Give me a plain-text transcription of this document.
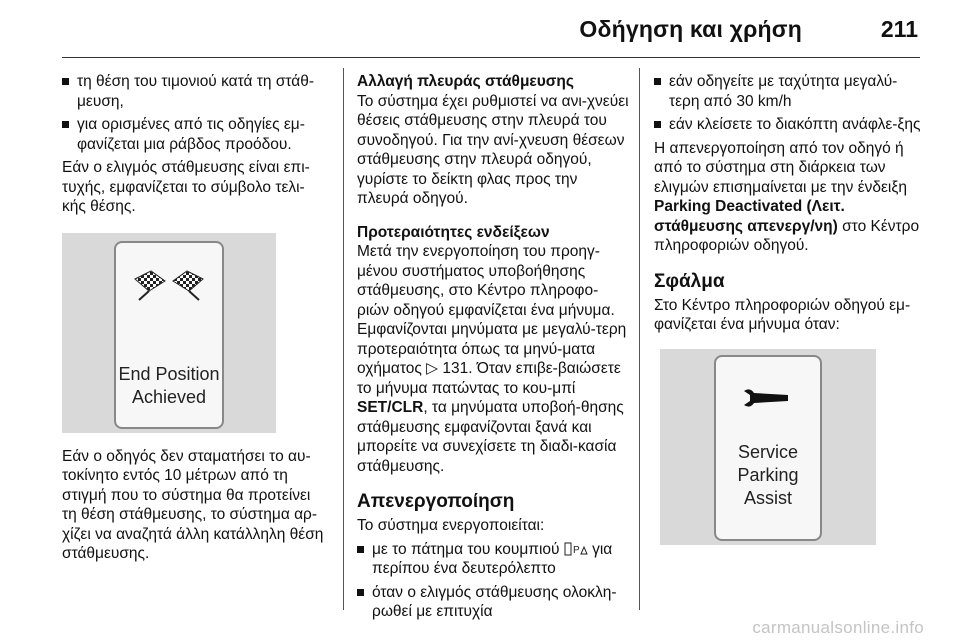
Οδήγηση και χρήση	211
τη θέση του τιμονιού κατά τη στάθ-μευση,
για ορισμένες από τις οδηγίες εμ-φανίζεται μια ράβδος προόδου.

Εάν ο ελιγμός στάθμευσης είναι επι-τυχής, εμφανίζεται το σύμβολο τελι-κής θέσης.

End Position
Achieved

Εάν ο οδηγός δεν σταματήσει το αυ-τοκίνητο εντός 10 μέτρων από τη στιγμή που το σύστημα θα προτείνει τη θέση στάθμευσης, το σύστημα αρ-χίζει να αναζητά άλλη κατάλληλη θέση στάθμευσης.

Αλλαγή πλευράς στάθμευσης

Το σύστημα έχει ρυθμιστεί να ανι-χνεύει θέσεις στάθμευσης στην πλευρά του συνοδηγού. Για την ανί-χνευση θέσεων στάθμευσης στην πλευρά οδηγού, γυρίστε το δείκτη φλας προς την πλευρά οδηγού.

Προτεραιότητες ενδείξεων

Μετά την ενεργοποίηση του προηγ-μένου συστήματος υποβοήθησης στάθμευσης, στο Κέντρο πληροφο-ριών οδηγού εμφανίζεται ένα μήνυμα. Εμφανίζονται μηνύματα με μεγαλύ-τερη προτεραιότητα όπως τα μηνύ-ματα οχήματος ▷ 131. Όταν επιβε-βαιώσετε το μήνυμα πατώντας το κου-μπί SET/CLR, τα μηνύματα υποβοή-θησης στάθμευσης εμφανίζονται ξανά και μπορείτε να συνεχίσετε τη διαδι-κασία στάθμευσης.

Απενεργοποίηση

Το σύστημα ενεργοποιείται:

με το πάτημα του κουμπιού P για περίπου ένα δευτερόλεπτο
όταν ο ελιγμός στάθμευσης ολοκλη-ρωθεί με επιτυχία
εάν οδηγείτε με ταχύτητα μεγαλύ-τερη από 30 km/h
εάν κλείσετε το διακόπτη ανάφλε-ξης

Η απενεργοποίηση από τον οδηγό ή από το σύστημα στη διάρκεια των ελιγμών επισημαίνεται με την ένδειξη Parking Deactivated (Λειτ. στάθμευσης απενεργ/νη) στο Κέντρο πληροφοριών οδηγού.

Σφάλμα

Στο Κέντρο πληροφοριών οδηγού εμ-φανίζεται ένα μήνυμα όταν:

Service
Parking
Assist
carmanualsonline.info
